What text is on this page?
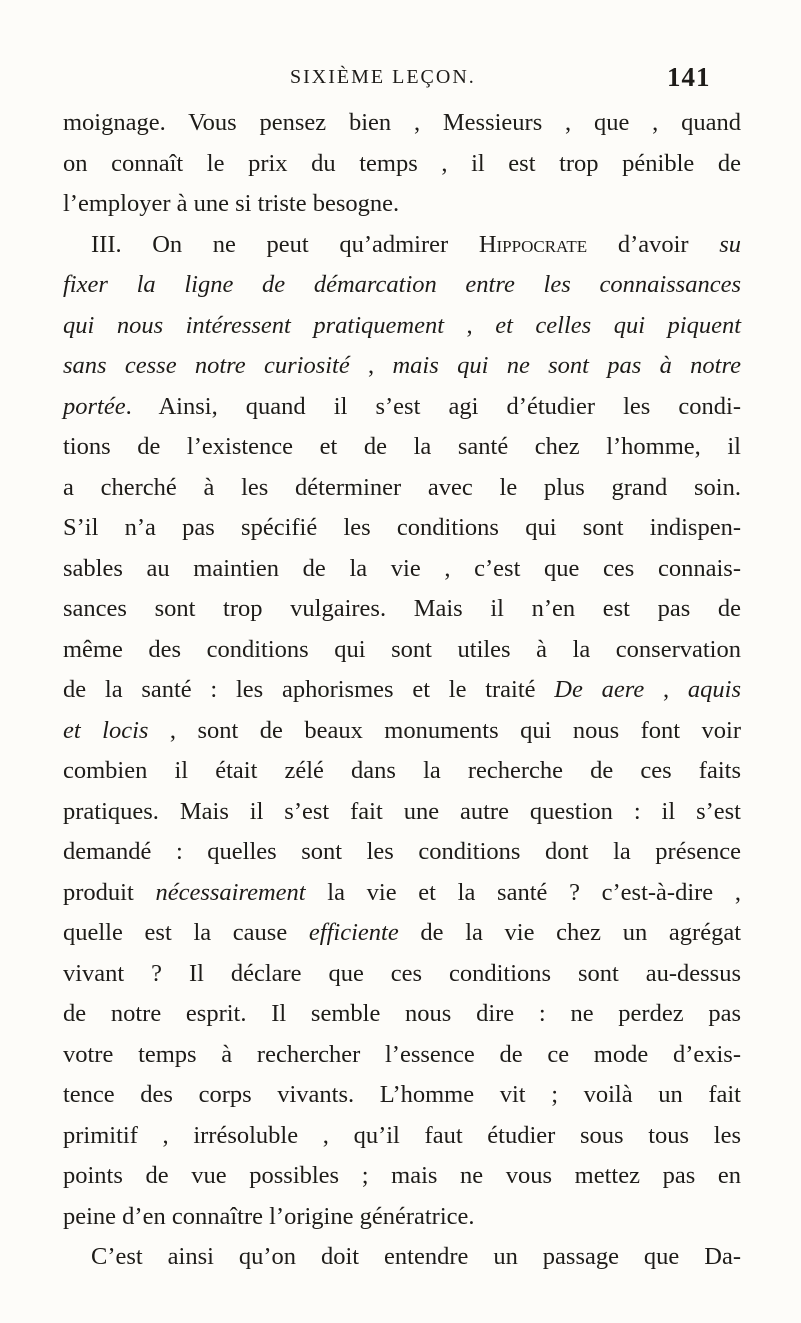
SIXIÈME LEÇON.	141
moignage. Vous pensez bien , Messieurs , que , quand
on connaît le prix du temps , il est trop pénible de
l’employer à une si triste besogne.
III. On ne peut qu’admirer Hippocrate d’avoir su
fixer la ligne de démarcation entre les connaissances
qui nous intéressent pratiquement , et celles qui piquent
sans cesse notre curiosité , mais qui ne sont pas à notre
portée. Ainsi, quand il s’est agi d’étudier les condi-
tions de l’existence et de la santé chez l’homme, il
a cherché à les déterminer avec le plus grand soin.
S’il n’a pas spécifié les conditions qui sont indispen-
sables au maintien de la vie , c’est que ces connais-
sances sont trop vulgaires. Mais il n’en est pas de
même des conditions qui sont utiles à la conservation
de la santé : les aphorismes et le traité De aere , aquis
et locis , sont de beaux monuments qui nous font voir
combien il était zélé dans la recherche de ces faits
pratiques. Mais il s’est fait une autre question : il s’est
demandé : quelles sont les conditions dont la présence
produit nécessairement la vie et la santé ? c’est-à-dire ,
quelle est la cause efficiente de la vie chez un agrégat
vivant ? Il déclare que ces conditions sont au-dessus
de notre esprit. Il semble nous dire : ne perdez pas
votre temps à rechercher l’essence de ce mode d’exis-
tence des corps vivants. L’homme vit ; voilà un fait
primitif , irrésoluble , qu’il faut étudier sous tous les
points de vue possibles ; mais ne vous mettez pas en
peine d’en connaître l’origine génératrice.
C’est ainsi qu’on doit entendre un passage que Da-
